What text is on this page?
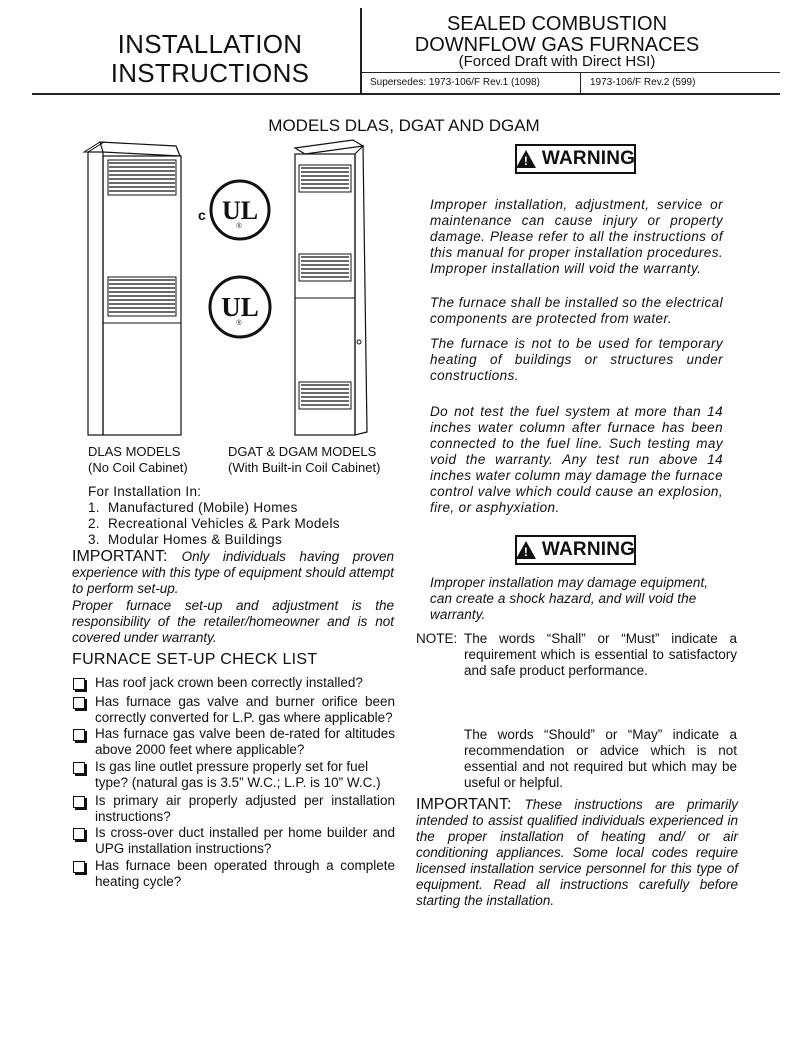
INSTALLATION
INSTRUCTIONS
SEALED COMBUSTION
DOWNFLOW GAS FURNACES
(Forced Draft with Direct HSI)
Supersedes: 1973-106/F Rev.1 (1098)	1973-106/F Rev.2 (599)
MODELS DLAS, DGAT AND DGAM
c UL
®
UL
®
DLAS MODELS
(No Coil Cabinet)
DGAT & DGAM MODELS
(With Built-in Coil Cabinet)
For Installation In:
1.  Manufactured (Mobile) Homes
2.  Recreational Vehicles & Park Models
3.  Modular Homes & Buildings
IMPORTANT: Only individuals having proven experience with this type of equipment should attempt to perform set-up.
Proper furnace set-up and adjustment is the responsibility of the retailer/homeowner and is not covered under warranty.
FURNACE SET-UP CHECK LIST
Has roof jack crown been correctly installed?
Has furnace gas valve and burner orifice been correctly converted for L.P. gas where applicable?
Has furnace gas valve been de-rated for altitudes above 2000 feet where applicable?
Is gas line outlet pressure properly set for fuel type? (natural gas is 3.5” W.C.; L.P. is 10” W.C.)
Is primary air properly adjusted per installation instructions?
Is cross-over duct installed per home builder and UPG installation instructions?
Has furnace been operated through a complete heating cycle?
!
WARNING
Improper installation, adjustment, service or maintenance can cause injury or property damage. Please refer to all the instructions of this manual for proper installation procedures. Improper installation will void the warranty.
The furnace shall be installed so the electrical components are protected from water.
The furnace is not to be used for temporary heating of buildings or structures under constructions.
Do not test the fuel system at more than 14 inches water column after furnace has been connected to the fuel line. Such testing may void the warranty. Any test run above 14 inches water column may damage the furnace control valve which could cause an explosion, fire, or asphyxiation.
!
WARNING
Improper installation may damage equipment, can create a shock hazard, and will void the warranty.
NOTE: The words “Shall” or “Must” indicate a requirement which is essential to satisfactory and safe product performance.
The words “Should” or “May” indicate a recommendation or advice which is not essential and not required but which may be useful or helpful.
IMPORTANT: These instructions are primarily intended to assist qualified individuals experienced in the proper installation of heating and/ or air conditioning appliances. Some local codes require licensed installation service personnel for this type of equipment. Read all instructions carefully before starting the installation.
